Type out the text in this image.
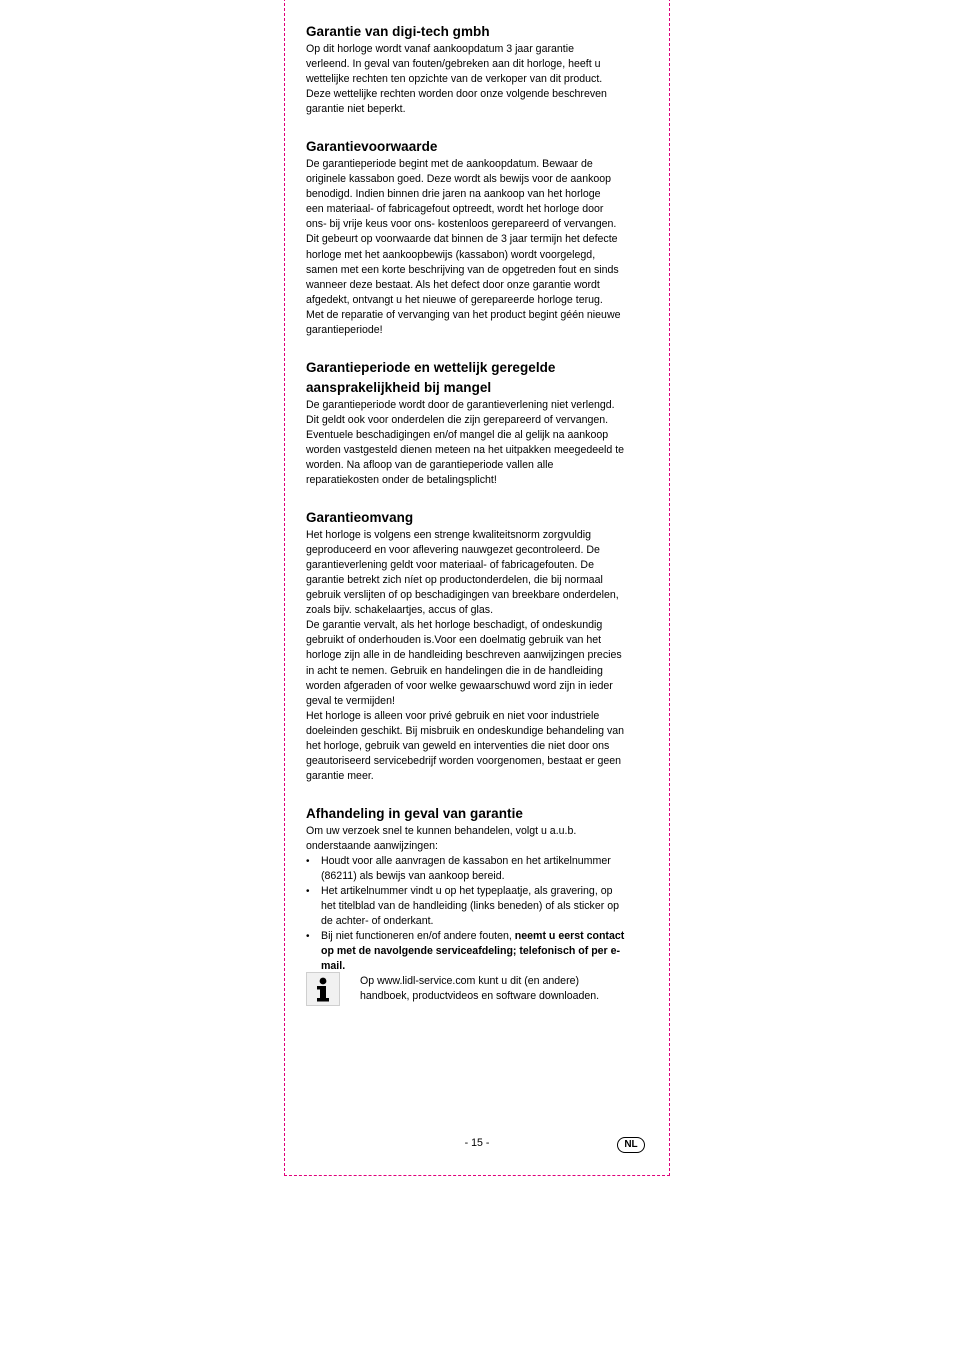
Garantie van digi-tech gmbh

Op dit horloge wordt vanaf aankoopdatum 3 jaar garantie

verleend. In geval van fouten/gebreken aan dit horloge, heeft u

wettelijke rechten ten opzichte van de verkoper van dit product.

Deze wettelijke rechten worden door onze volgende beschreven

garantie niet beperkt.

Garantievoorwaarde

De garantieperiode begint met de aankoopdatum. Bewaar de

originele kassabon goed. Deze wordt als bewijs voor de aankoop

benodigd. Indien binnen drie jaren na aankoop van het horloge

een materiaal- of fabricagefout optreedt, wordt het horloge door

ons- bij vrije keus voor ons- kostenloos gerepareerd of vervangen.

Dit gebeurt op voorwaarde dat binnen de 3 jaar termijn het defecte

horloge met het aankoopbewijs (kassabon) wordt voorgelegd,

samen met een korte beschrijving van de opgetreden fout en sinds

wanneer deze bestaat. Als het defect door onze garantie wordt

afgedekt, ontvangt u het nieuwe of gerepareerde horloge terug.

Met de reparatie of vervanging van het product begint géén nieuwe

garantieperiode!

Garantieperiode en wettelijk geregelde
aansprakelijkheid bij mangel

De garantieperiode wordt door de garantieverlening niet verlengd.

Dit geldt ook voor onderdelen die zijn gerepareerd of vervangen.

Eventuele beschadigingen en/of mangel die al gelijk na aankoop

worden vastgesteld dienen meteen na het uitpakken meegedeeld te

worden. Na afloop van de garantieperiode vallen alle

reparatiekosten onder de betalingsplicht!

Garantieomvang

Het horloge is volgens een strenge kwaliteitsnorm zorgvuldig

geproduceerd en voor aflevering nauwgezet gecontroleerd. De

garantieverlening geldt voor materiaal- of fabricagefouten. De

garantie betrekt zich níet op productonderdelen, die bij normaal

gebruik verslijten of op beschadigingen van breekbare onderdelen,

zoals bijv. schakelaartjes, accus of glas.

De garantie vervalt, als het horloge beschadigt, of ondeskundig

gebruikt of onderhouden is.Voor een doelmatig gebruik van het

horloge zijn alle in de handleiding beschreven aanwijzingen precies

in acht te nemen. Gebruik en handelingen die in de handleiding

worden afgeraden of voor welke gewaarschuwd word zijn in ieder

geval te vermijden!

Het horloge is alleen voor privé gebruik en niet voor industriele

doeleinden geschikt. Bij misbruik en ondeskundige behandeling van

het horloge, gebruik van geweld en interventies die niet door ons

geautoriseerd servicebedrijf worden voorgenomen, bestaat er geen

garantie meer.

Afhandeling in geval van garantie

Om uw verzoek snel te kunnen behandelen, volgt u a.u.b.

onderstaande aanwijzingen:

• Houdt voor alle aanvragen de kassabon en het artikelnummer
(86211) als bewijs van aankoop bereid.
• Het artikelnummer vindt u op het typeplaatje, als gravering, op
het titelblad van de handleiding (links beneden) of als sticker op
de achter- of onderkant.
• Bij niet functioneren en/of andere fouten, neemt u eerst contact
op met de navolgende serviceafdeling; telefonisch of per e-
mail.
Op www.lidl-service.com kunt u dit (en andere)
handboek, productvideos en software downloaden.
- 15 -	NL
